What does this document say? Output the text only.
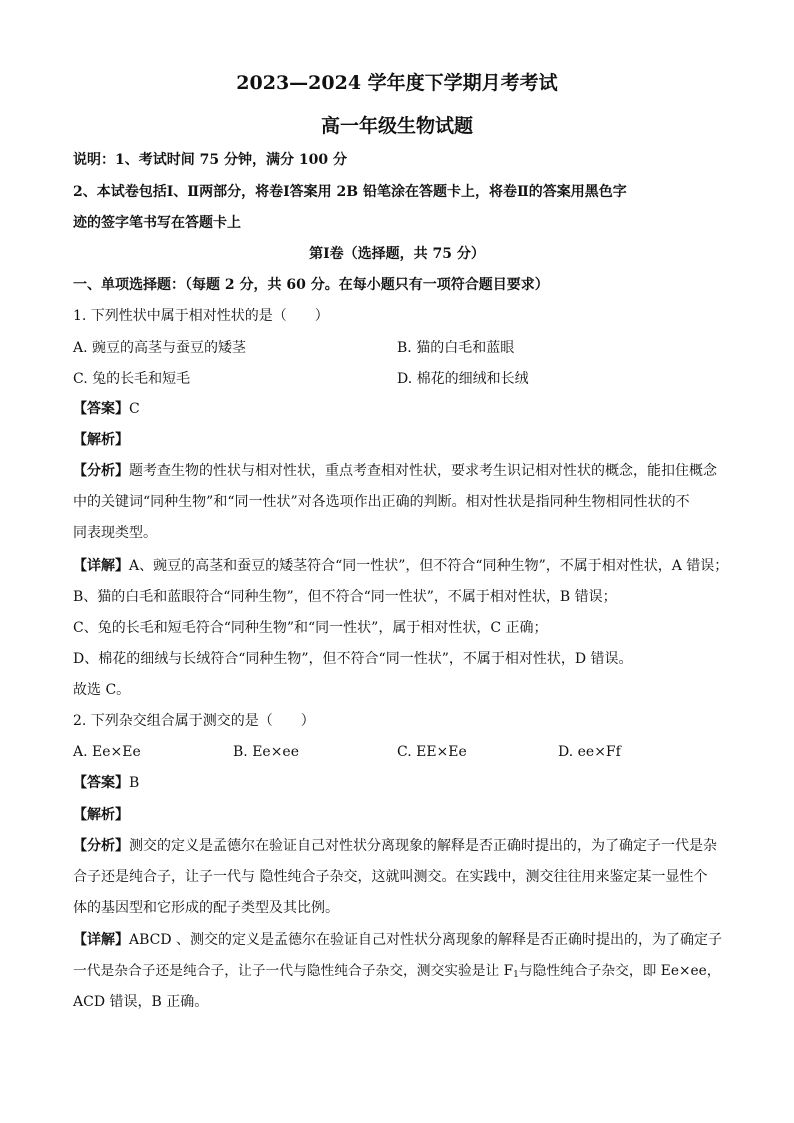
2023—2024 学年度下学期月考考试
高一年级生物试题
说明：1、考试时间 75 分钟，满分 100 分
2、本试卷包括Ⅰ、Ⅱ两部分，将卷Ⅰ答案用 2B 铅笔涂在答题卡上，将卷Ⅱ的答案用黑色字
迹的签字笔书写在答题卡上
第Ⅰ卷（选择题，共 75 分）
一、单项选择题：（每题 2 分，共 60 分。在每小题只有一项符合题目要求）
1. 下列性状中属于相对性状的是（　　）
A. 豌豆的高茎与蚕豆的矮茎	B. 猫的白毛和蓝眼
C. 兔的长毛和短毛	D. 棉花的细绒和长绒
【答案】C
【解析】
【分析】题考查生物的性状与相对性状，重点考查相对性状，要求考生识记相对性状的概念，能扣住概念
中的关键词“同种生物”和“同一性状”对各选项作出正确的判断。相对性状是指同种生物相同性状的不
同表现类型。
【详解】A、豌豆的高茎和蚕豆的矮茎符合“同一性状”，但不符合“同种生物”，不属于相对性状，A 错误；
B、猫的白毛和蓝眼符合“同种生物”，但不符合“同一性状”，不属于相对性状，B 错误；
C、兔的长毛和短毛符合“同种生物”和“同一性状”，属于相对性状，C 正确；
D、棉花的细绒与长绒符合“同种生物”，但不符合“同一性状”，不属于相对性状，D 错误。
故选 C。
2. 下列杂交组合属于测交的是（　　）
A. Ee×Ee	B. Ee×ee	C. EE×Ee	D. ee×Ff
【答案】B
【解析】
【分析】测交的定义是孟德尔在验证自己对性状分离现象的解释是否正确时提出的，为了确定子一代是杂
合子还是纯合子，让子一代与 隐性纯合子杂交，这就叫测交。在实践中，测交往往用来鉴定某一显性个
体的基因型和它形成的配子类型及其比例。
【详解】ABCD 、测交的定义是孟德尔在验证自己对性状分离现象的解释是否正确时提出的，为了确定子
一代是杂合子还是纯合子，让子一代与隐性纯合子杂交，测交实验是让 $F_1$与隐性纯合子杂交，即 Ee×ee，
ACD 错误，B 正确。
